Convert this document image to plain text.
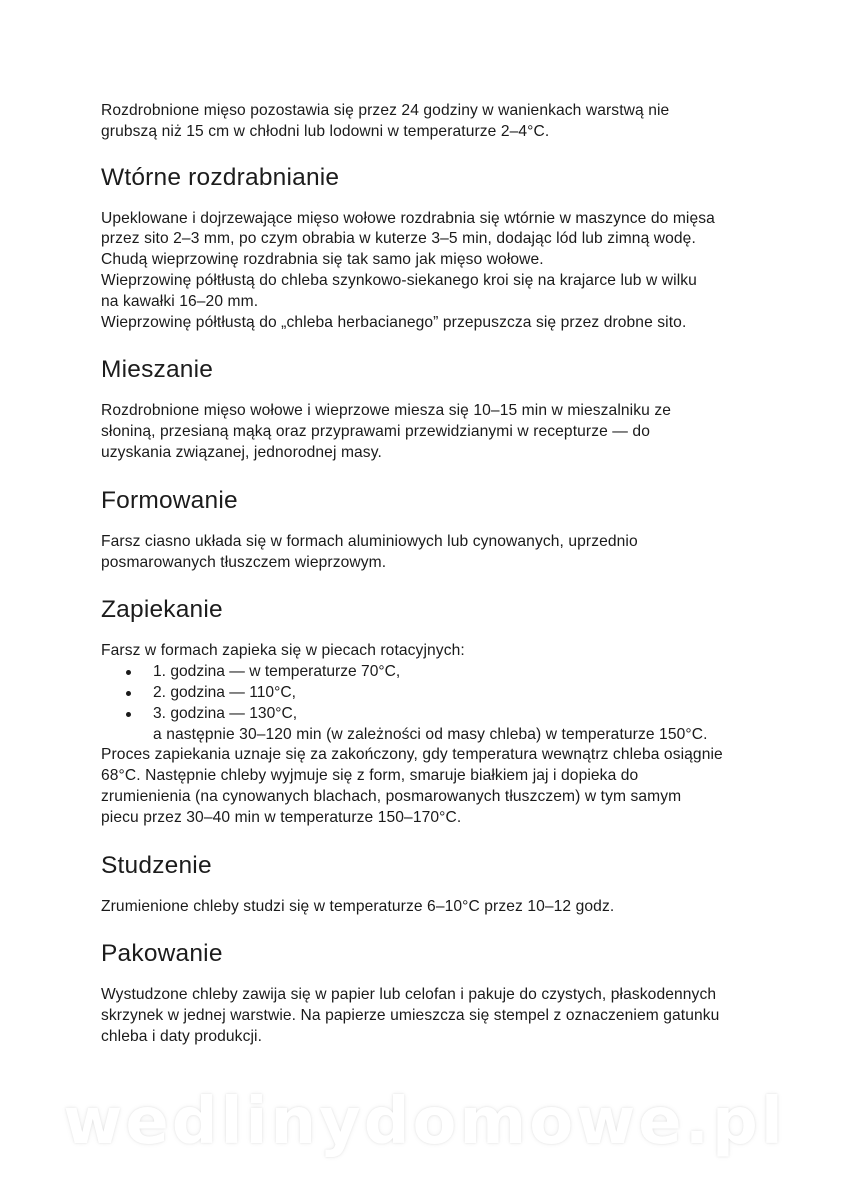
Rozdrobnione mięso pozostawia się przez 24 godziny w wanienkach warstwą nie

grubszą niż 15 cm w chłodni lub lodowni w temperaturze 2–4°C.

Wtórne rozdrabnianie

Upeklowane i dojrzewające mięso wołowe rozdrabnia się wtórnie w maszynce do mięsa

przez sito 2–3 mm, po czym obrabia w kuterze 3–5 min, dodając lód lub zimną wodę.

Chudą wieprzowinę rozdrabnia się tak samo jak mięso wołowe.

Wieprzowinę półtłustą do chleba szynkowo-siekanego kroi się na krajarce lub w wilku

na kawałki 16–20 mm.

Wieprzowinę półtłustą do „chleba herbacianego” przepuszcza się przez drobne sito.

Mieszanie

Rozdrobnione mięso wołowe i wieprzowe miesza się 10–15 min w mieszalniku ze

słoniną, przesianą mąką oraz przyprawami przewidzianymi w recepturze — do

uzyskania związanej, jednorodnej masy.

Formowanie

Farsz ciasno układa się w formach aluminiowych lub cynowanych, uprzednio

posmarowanych tłuszczem wieprzowym.

Zapiekanie

Farsz w formach zapieka się w piecach rotacyjnych:

1. godzina — w temperaturze 70°C,
2. godzina — 110°C,
3. godzina — 130°C,

a następnie 30–120 min (w zależności od masy chleba) w temperaturze 150°C.

Proces zapiekania uznaje się za zakończony, gdy temperatura wewnątrz chleba osiągnie

68°C. Następnie chleby wyjmuje się z form, smaruje białkiem jaj i dopieka do

zrumienienia (na cynowanych blachach, posmarowanych tłuszczem) w tym samym

piecu przez 30–40 min w temperaturze 150–170°C.

Studzenie

Zrumienione chleby studzi się w temperaturze 6–10°C przez 10–12 godz.

Pakowanie

Wystudzone chleby zawija się w papier lub celofan i pakuje do czystych, płaskodennych

skrzynek w jednej warstwie. Na papierze umieszcza się stempel z oznaczeniem gatunku

chleba i daty produkcji.

wedlinydomowe.pl
